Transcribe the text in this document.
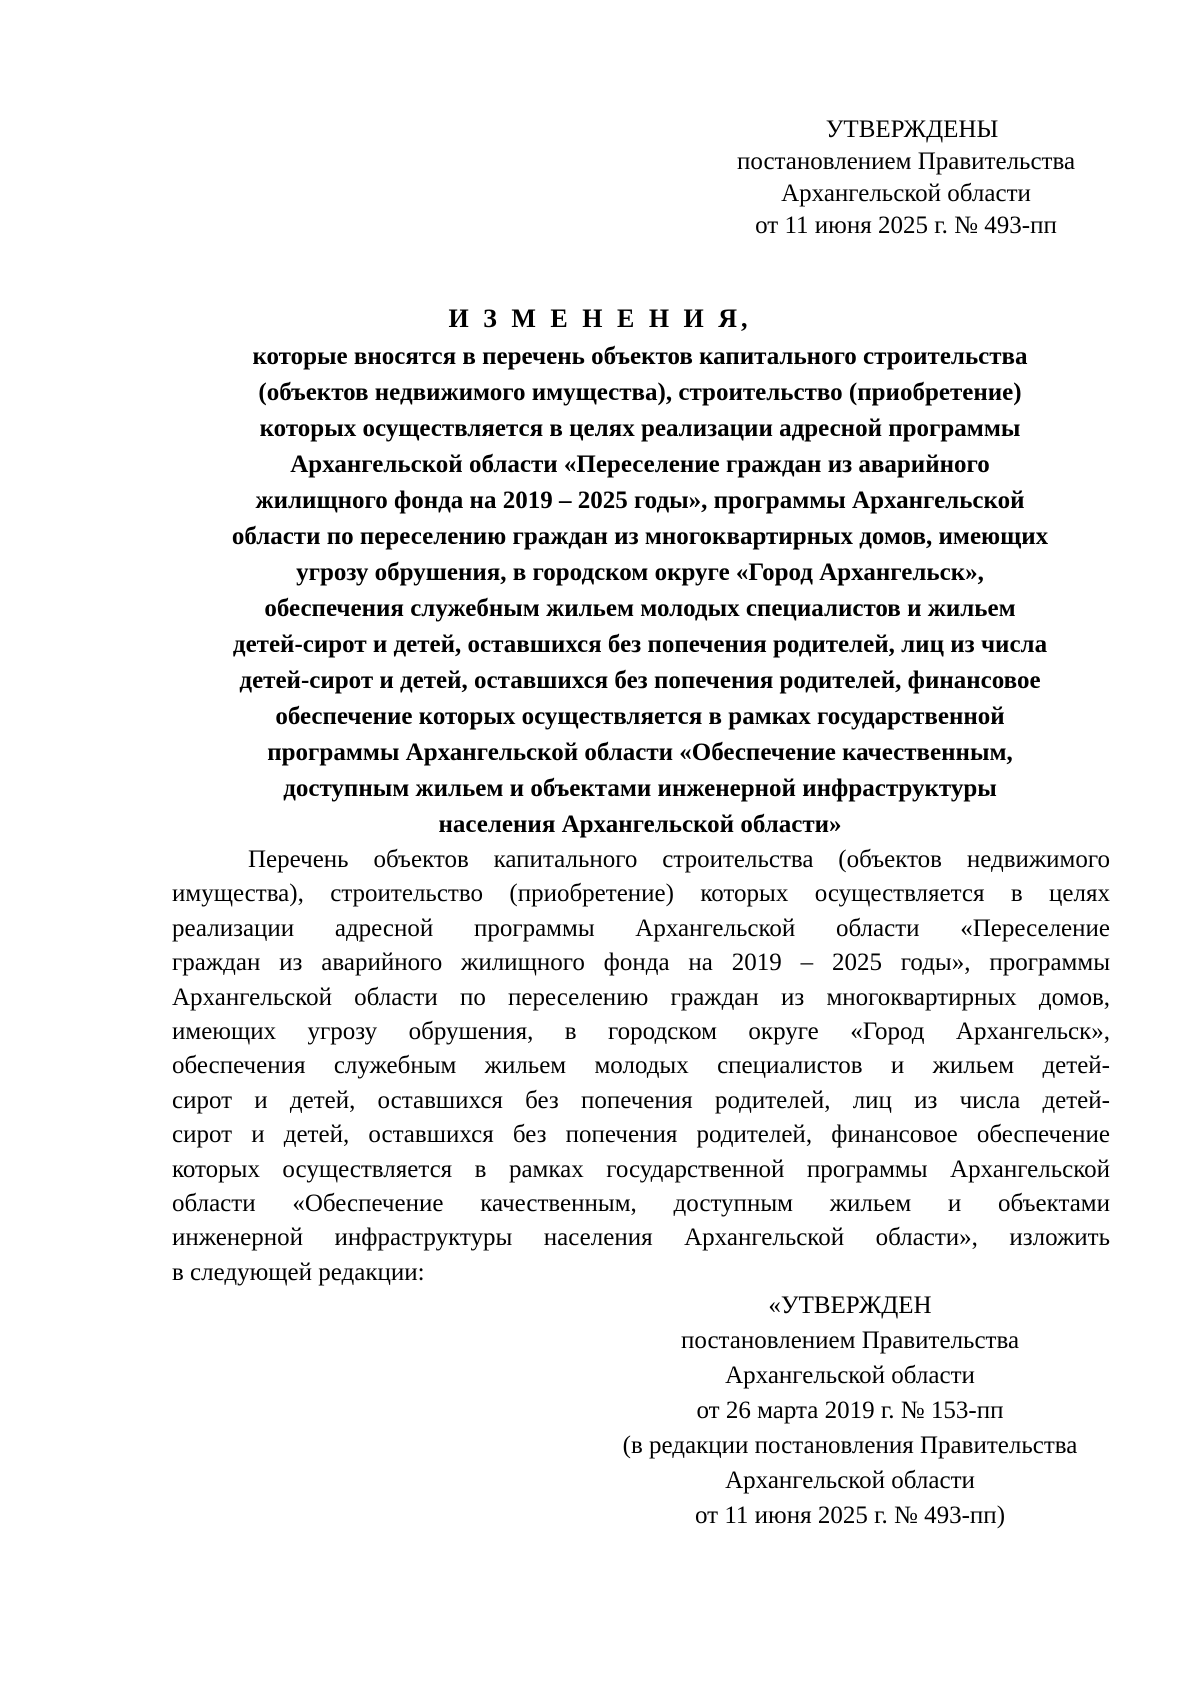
УТВЕРЖДЕНЫ
постановлением Правительства
Архангельской области
от 11 июня 2025 г. № 493-пп
И З М Е Н Е Н И Я,
которые вносятся в перечень объектов капитального строительства
(объектов недвижимого имущества), строительство (приобретение)
которых осуществляется в целях реализации адресной программы
Архангельской области «Переселение граждан из аварийного
жилищного фонда на 2019 – 2025 годы», программы Архангельской
области по переселению граждан из многоквартирных домов, имеющих
угрозу обрушения, в городском округе «Город Архангельск»,
обеспечения служебным жильем молодых специалистов и жильем
детей-сирот и детей, оставшихся без попечения родителей, лиц из числа
детей-сирот и детей, оставшихся без попечения родителей, финансовое
обеспечение которых осуществляется в рамках государственной
программы Архангельской области «Обеспечение качественным,
доступным жильем и объектами инженерной инфраструктуры
населения Архангельской области»
Перечень объектов капитального строительства (объектов недвижимого
имущества), строительство (приобретение) которых осуществляется в целях
реализации адресной программы Архангельской области «Переселение
граждан из аварийного жилищного фонда на 2019 – 2025 годы», программы
Архангельской области по переселению граждан из многоквартирных домов,
имеющих угрозу обрушения, в городском округе «Город Архангельск»,
обеспечения служебным жильем молодых специалистов и жильем детей-
сирот и детей, оставшихся без попечения родителей, лиц из числа детей-
сирот и детей, оставшихся без попечения родителей, финансовое обеспечение
которых осуществляется в рамках государственной программы Архангельской
области «Обеспечение качественным, доступным жильем и объектами
инженерной инфраструктуры населения Архангельской области», изложить
в следующей редакции:
«УТВЕРЖДЕН
постановлением Правительства
Архангельской области
от 26 марта 2019 г. № 153-пп
(в редакции постановления Правительства
Архангельской области
от 11 июня 2025 г. № 493-пп)
